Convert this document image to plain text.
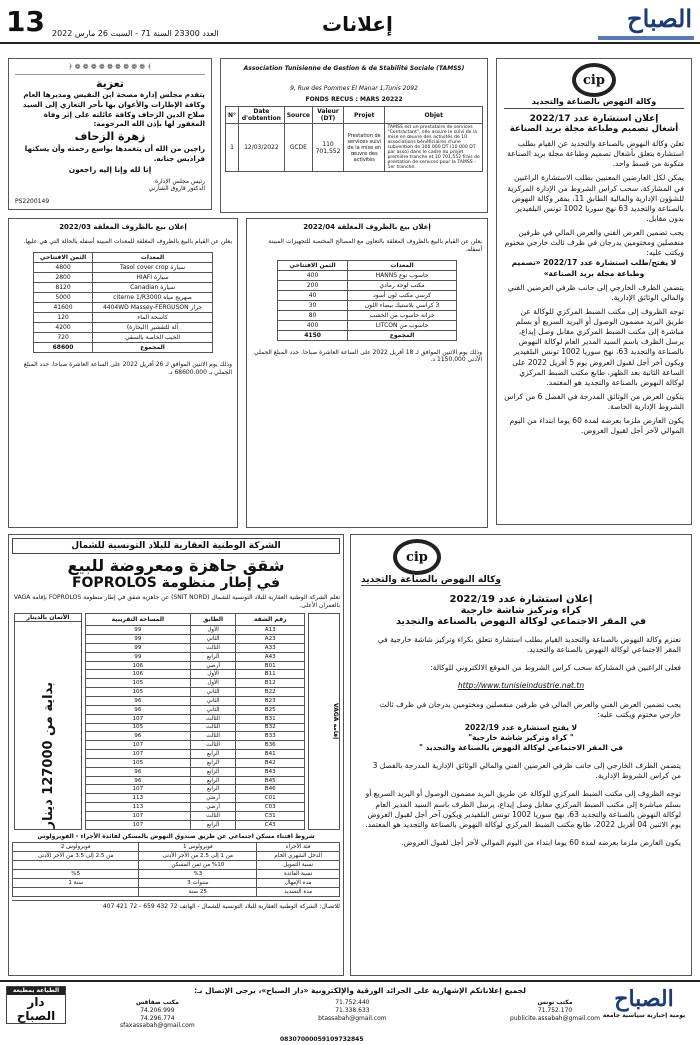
13 العدد 23300 السنة 71 - السبت 26 مارس 2022	إعلانات	الصباح
﴾ ❁ ❁ ❁ ❁ ❁ ❁ ❁ ❁ ❁ ﴿
تعزية
يتقدم مجلس إدارة مصحة ابن النفيس ومديرها العام وكافة الإطارات والأعوان بها بأحر التعازي إلى السيد صلاح الدين الزحاف وكافة عائلته على إثر وفاة المغفور لها بإذن الله المرحومة:
زهرة الزحاف
راجين من الله أن يتغمدها بواسع رحمته وأن يسكنها فراديس جنانه.
إنا لله وإنا إليه راجعون
رئيس مجلس الإدارة
الدكتور فاروق الشارني
PS2200149
Association Tunisienne de Gestion & de Stabilité Sociale (TAMSS)
9, Rue des Pommes El Manar 1,Tunis 2092
FONDS RECUS : MARS 20222
N°	Date d'obtention	Source	Valeur (DT)	Projet	Objet
1	12/03/2022	GCDE	110 701,552	Prestation de services suivi de la mise en œuvre des activités	TAMSS est un prestataire de services "Contractant", elle assure le suivi de la mise en œuvre des activités de 10 associations bénéficiaires d'une subvention de 100 000 DT (10 000 DT par asso) dans le cadre du projet première tranche et 10 701,552 frais de prestation de services pour la TAMSS - 1er tranche.
cip
وكالة النهوض بالصناعة والتجديد
إعلان استشارة عدد 2022/17
أشغال تصميم وطباعة مجلة بريد الصناعة
تعلن وكالة النهوض بالصناعة والتجديد عن القيام بطلب استشارة يتعلق بأشغال تصميم وطباعة مجلة بريد الصناعة متكونة من قسط واحد.
يمكن لكل العارضين المعنيين بطلب الاستشارة الراغبين في المشاركة، سحب كراس الشروط من الإدارة المركزية للشؤون الإدارية والمالية الطابق 11، بمقر وكالة النهوض بالصناعة والتجديد 63 نهج سوريا 1002 تونس البلفيدير بدون مقابل.
يجب تضمين العرض الفني والعرض المالي في ظرفين منفصلين ومختومين يدرجان في ظرف ثالث خارجي مختوم ويكتب عليه:
لا يفتح/طلب استشارة عدد 2022/17 «تصميم وطباعة مجلة بريد الصناعة»
يتضمن الظرف الخارجي إلى جانب ظرفي العرضين الفني والمالي الوثائق الإدارية.
توجه الظروف إلى مكتب الضبط المركزي للوكالة عن طريق البريد مضمون الوصول أو البريد السريع أو بسلم مباشرة إلى مكتب الضبط المركزي مقابل وصل إيداع، يرسل الظرف باسم السيد المدير العام لوكالة النهوض بالصناعة والتجديد 63، نهج سوريا 1002 تونس البلفيدير ويكون آخر أجل لقبول العروض يوم 5 أفريل 2022 على الساعة الثانية بعد الظهر، طابع مكتب الضبط المركزي لوكالة النهوض بالصناعة والتجديد هو المعتمد.
يتكون العرض من الوثائق المدرجة في الفصل 6 من كراس الشروط الإدارية الخاصة.
يكون العارض ملزما بعرضه لمدة 60 يوما ابتداء من اليوم الموالي لآخر أجل لقبول العروض.
إعلان بيع بالظروف المغلقة 2022/03
يعلن عن القيام بالبيع بالظروف المغلقة للمعدات المبينة أسفله بالحالة التي هي عليها.
المعدات	الثمن الافتتاحي
سيارة Tasol cover crop	4800
سيارة HIAFI	2800
سيارة Canadian	8120
صهريج مياه citerne 1/R3000	5000
جرار 4404WD Massey-FERGUSON	41600
كاسحة الماء	120
آلة للتقشير (البخارة)	4200
الخيب الخاصة بالسقي	720
المجموع	68600
وذلك يوم الاثنين الموافق لـ 26 أفريل 2022 على الساعة العاشرة صباحا. حدد المبلغ الجملي بـ 68600.000 د.
إعلان بيع بالظروف المغلقة 2022/04
يعلن عن القيام بالبيع بالظروف المغلقة بالتعاون مع المصالح المختصة للتجهيزات المبينة أسفله.
المعدات	الثمن الافتتاحي
حاسوب نوع HANNS	400
مكتب لوحة رمادي	200
كرسي مكتب لون أسود	40
3 كراسي بلاستيك بيضاء اللون	30
خزانة حاسوب من الخشب	80
حاسوب من LITCON	400
المجموع	4150
وذلك يوم الاثنين الموافق لـ 18 أفريل 2022 على الساعة العاشرة صباحا. حدد المبلغ الجملي الأدنى 1150.000 د.
الشركة الوطنية العقارية للبلاد التونسية للشمال
شقق جاهزة ومعروضة للبيع
في إطار منظومة FOPROLOS
تعلم الشركة الوطنية العقارية للبلاد التونسية للشمال (SNIT NORD) عن جاهزية شقق في إطار منظومة FOPROLOS بإقامة VAGA بالعمران الأعلى.
إقامة VAGA
رقم الشقة	الطابق	المساحة التقريبية
A13	الأول	99
A23	الثاني	99
A33	الثالث	99
A43	الرابع	99
B01	أرضي	106
B11	الأول	106
B12	الأول	105
B22	الثاني	105
B23	الثاني	96
B25	الثاني	96
B31	الثالث	107
B32	الثالث	105
B33	الثالث	96
B36	الثالث	107
B41	الرابع	107
B42	الرابع	105
B43	الرابع	96
B45	الرابع	96
B46	الرابع	107
C01	أرضي	113
C03	أرضي	113
C31	الثالث	107
C43	الرابع	107
الأثمان بالدينار
بداية من 127000 دينار
شروط اقتناء مسكن اجتماعي عن طريق صندوق النهوض بالمسكن لفائدة الأجراء - الفوبرولوس
فئة الأجراء	فوبرولوس 1	فوبرولوس 2
الدخل الشهري الخام	من 1 إلى 2.5 من الأجر الأدنى	من 2.5 إلى 3.5 من الأجر الأدنى
نسبة التمويل	%10 من ثمن المسكن	
نسبة الفائدة	%3	%5
مدة الإمهال	سنوات 3	سنة 1
مدة التسديد	25 سنة	
للاتصال: الشركة الوطنية العقارية للبلاد التونسية للشمال - الهاتف 72 432 659 - 72 421 407
cip
وكالة النهوض بالصناعة والتجديد
إعلان استشارة عدد 2022/19
كراء وتركيز شاشة خارجية
في المقر الاجتماعي لوكالة النهوض بالصناعة والتجديد
تعتزم وكالة النهوض بالصناعة والتجديد القيام بطلب استشارة تتعلق بكراء وتركيز شاشة خارجية في المقر الاجتماعي لوكالة النهوض بالصناعة والتجديد.
فعلى الراغبين في المشاركة سحب كراس الشروط من الموقع الالكتروني للوكالة:
http://www.tunisieindustrie.nat.tn
يجب تضمين العرض الفني والعرض المالي في ظرفين منفصلين ومختومين يدرجان في ظرف ثالث خارجي مختوم ويكتب عليه:
لا يفتح استشارة عدد 2022/19
" كراء وتركيز شاشة خارجية"
في المقر الاجتماعي لوكالة النهوض بالصناعة والتجديد "
يتضمن الظرف الخارجي إلى جانب ظرفي العرضين الفني والمالي الوثائق الإدارية المدرجة بالفصل 3 من كراس الشروط الإدارية.
توجه الظروف إلى مكتب الضبط المركزي للوكالة عن طريق البريد مضمون الوصول أو البريد السريع أو بسلم مباشرة إلى مكتب الضبط المركزي مقابل وصل إيداع، يرسل الظرف باسم السيد المدير العام لوكالة النهوض بالصناعة والتجديد 63، نهج سوريا 1002 تونس البلفيدير ويكون آخر أجل لقبول العروض يوم الاثنين 04 أفريل 2022، طابع مكتب الضبط المركزي لوكالة النهوض بالصناعة والتجديد هو المعتمد.
يكون العارض ملزما بعرضه لمدة 60 يوما ابتداء من اليوم الموالي لآخر أجل لقبول العروض.
لجميع إعلاناتكم الإشهارية على الجرائد الورقية والإلكترونية «دار الصباح»، يرجى الإتصال بـ:
مكتب تونس
71.752.170
publicite.assabah@gmail.com
71.752.440
71.338.633
btassabah@gmail.com
مكتب صفاقس
74.206.999
74.296.774
sfaxassabah@gmail.com
08307000059109732845
الصباح
يومية إخبارية سياسية جامعة
الطباعة بمطبعة
دار الصباح
